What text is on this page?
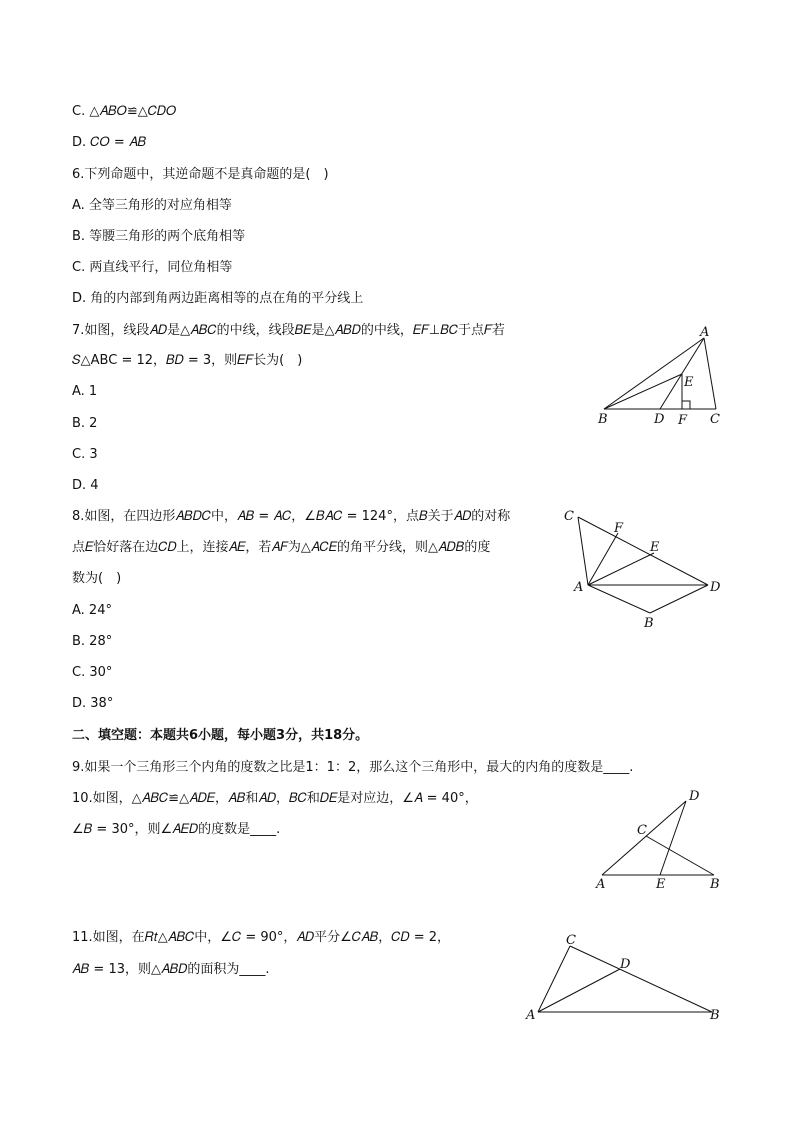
C. △𝐴𝐵𝑂≌△𝐶𝐷𝑂
D. 𝐶𝑂 = 𝐴𝐵
6.下列命题中，其逆命题不是真命题的是(　)
A. 全等三角形的对应角相等
B. 等腰三角形的两个底角相等
C. 两直线平行，同位角相等
D. 角的内部到角两边距离相等的点在角的平分线上
7.如图，线段𝐴𝐷是△𝐴𝐵𝐶的中线，线段𝐵𝐸是△𝐴𝐵𝐷的中线，𝐸𝐹⊥𝐵𝐶于点𝐹若
𝑆△ABC = 12，𝐵𝐷 = 3，则𝐸𝐹长为(　)
A. 1
B. 2
C. 3
D. 4
8.如图，在四边形𝐴𝐵𝐷𝐶中，𝐴𝐵 = 𝐴𝐶，∠𝐵𝐴𝐶 = 124°，点𝐵关于𝐴𝐷的对称
点𝐸恰好落在边𝐶𝐷上，连接𝐴𝐸，若𝐴𝐹为△𝐴𝐶𝐸的角平分线，则△𝐴𝐷𝐵的度
数为(　)
A. 24°
B. 28°
C. 30°
D. 38°
二、填空题：本题共6小题，每小题3分，共18分。
9.如果一个三角形三个内角的度数之比是1：1：2，那么这个三角形中，最大的内角的度数是____.
10.如图，△𝐴𝐵𝐶≌△𝐴𝐷𝐸，𝐴𝐵和𝐴𝐷，𝐵𝐶和𝐷𝐸是对应边，∠𝐴 = 40°，
∠𝐵 = 30°，则∠𝐴𝐸𝐷的度数是____.
11.如图，在𝑅𝑡△𝐴𝐵𝐶中，∠𝐶 = 90°，𝐴𝐷平分∠𝐶𝐴𝐵，𝐶𝐷 = 2，
𝐴𝐵 = 13，则△𝐴𝐵𝐷的面积为____.
A
B	D F C
E
C
F
E
A	D
B
D
C
A	E	B
C
D
A	B
